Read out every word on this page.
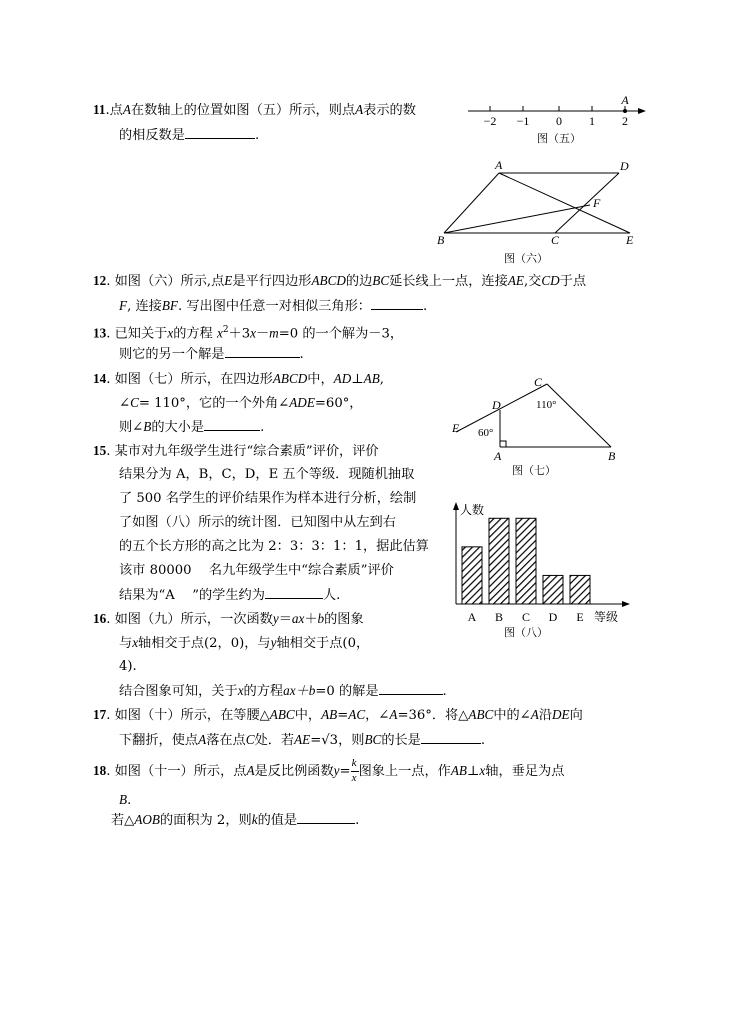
11.点A在数轴上的位置如图（五）所示，则点A表示的数
的相反数是	.
A
−2 −1 0 1 2
图（五）
A	D
F
B	C	E
图（六）
12. 如图（六）所示,点E是平行四边形ABCD的边BC延长线上一点，连接AE,交CD于点
F, 连接BF. 写出图中任意一对相似三角形：	.
13. 已知关于x的方程 $x^2+3x-m=0$ 的一个解为－3，
则它的另一个解是	.
14. 如图（七）所示，在四边形ABCD中，AD⊥AB,
∠C= 110°，它的一个外角∠ADE=60°，
则∠B的大小是	.	E
D
C
A	B
110°
60°
图（七）
15. 某市对九年级学生进行“综合素质”评价，评价
结果分为 A，B，C，D，E 五个等级．现随机抽取
了 500 名学生的评价结果作为样本进行分析，绘制
了如图（八）所示的统计图．已知图中从左到右
的五个长方形的高之比为 2：3：3：1：1，据此估算
该市 80000　 名九年级学生中“综合素质”评价
结果为“A　 ”的学生约为	人.
人数
等级
A B C D E
图（八）
16. 如图（九）所示，一次函数y＝ax＋b的图象
与x轴相交于点(2，0)，与y轴相交于点(0，
4).
结合图象可知，关于x的方程ax＋b=0 的解是	.
17. 如图（十）所示，在等腰△ABC中，AB=AC，∠A=36°．将△ABC中的∠A沿DE向
下翻折，使点A落在点C处．若AE=√3，则BC的长是	.
18. 如图（十一）所示，点A是反比例函数$y= \frac{k}{x}$ 图象上一点，作AB⊥x轴，垂足为点
B.
若△AOB的面积为 2，则k的值是	.
